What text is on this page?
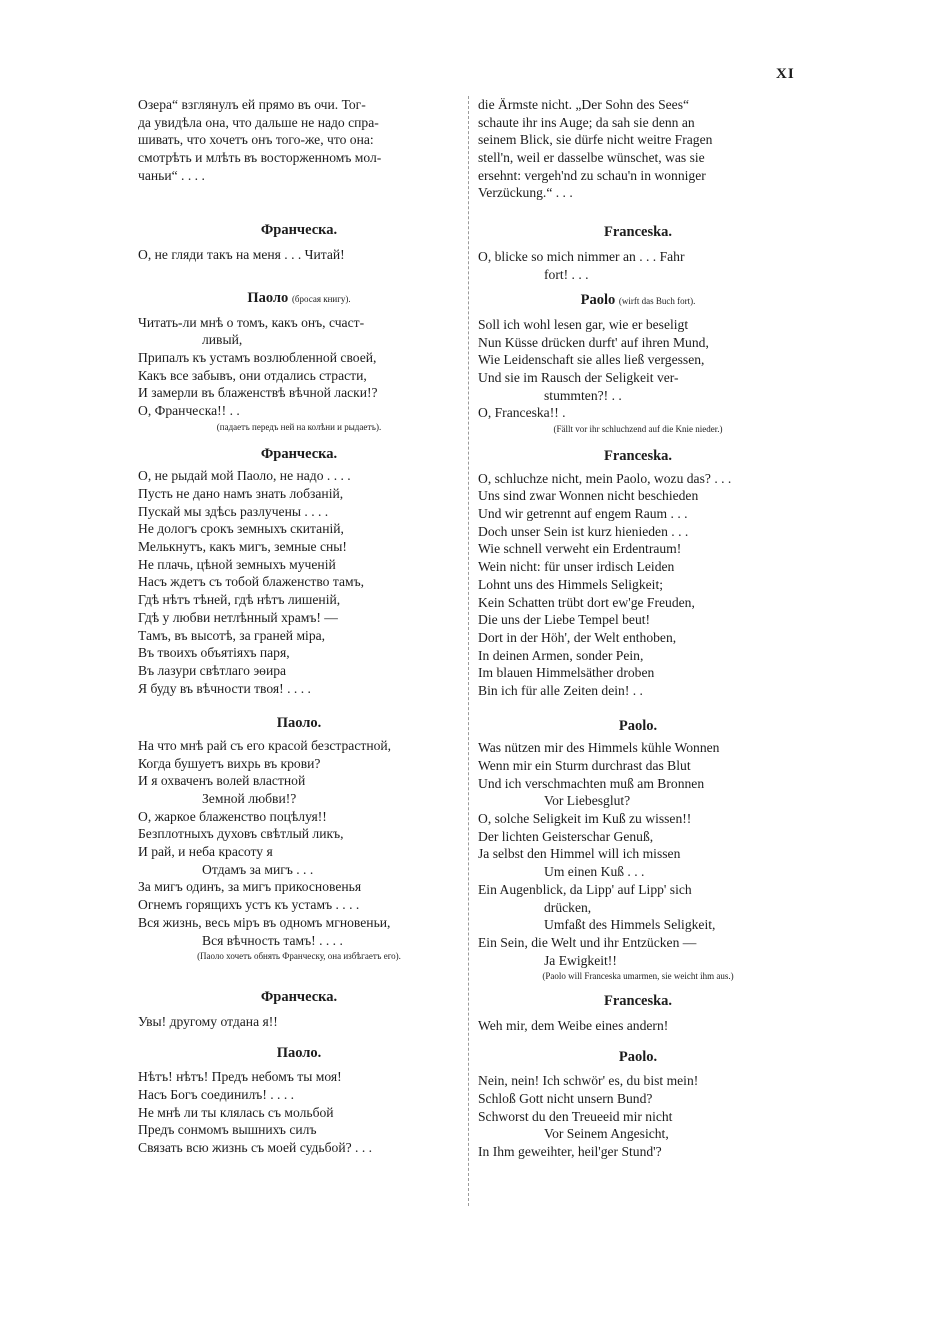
XI
Озера“ взглянулъ ей прямо въ очи. Тог-
да увидѣла она, что дальше не надо спра-
шивать, что хочетъ онъ того-же, что она:
смотрѣть и млѣть въ восторженномъ мол-
чаньи“ . . . .
Франческа.
О, не гляди такъ на меня . . . Читай!
Паоло (бросая книгу).
Читать-ли мнѣ о томъ, какъ онъ, счаст-
ливый,
Припалъ къ устамъ возлюбленной своей,
Какъ все забывъ, они отдались страсти,
И замерли въ блаженствѣ вѣчной ласки!?
О, Франческа!! . .
(падаетъ передъ ней на колѣни и рыдаетъ).
Франческа.
О, не рыдай мой Паоло, не надо . . . .
Пусть не дано намъ знать лобзаній,
Пускай мы здѣсь разлучены . . . .
Не дологъ срокъ земныхъ скитаній,
Мелькнутъ, какъ мигъ, земные сны!
Не плачь, цѣной земныхъ мученій
Насъ ждетъ съ тобой блаженство тамъ,
Гдѣ нѣтъ тѣней, гдѣ нѣтъ лишеній,
Гдѣ у любви нетлѣнный храмъ! —
Тамъ, въ высотѣ, за граней міра,
Въ твоихъ объятіяхъ паря,
Въ лазури свѣтлаго эѳира
Я буду въ вѣчности твоя! . . . .
Паоло.
На что мнѣ рай съ его красой безстрастной,
Когда бушуетъ вихрь въ крови?
И я охваченъ волей властной
Земной любви!?
О, жаркое блаженство поцѣлуя!!
Безплотныхъ духовъ свѣтлый ликъ,
И рай, и неба красоту я
Отдамъ за мигъ . . .
За мигъ одинъ, за мигъ прикосновенья
Огнемъ горящихъ устъ къ устамъ . . . .
Вся жизнь, весь міръ въ одномъ мгновеньи,
Вся вѣчность тамъ! . . . .
(Паоло хочетъ обнять Франческу, она избѣгаетъ его).
Франческа.
Увы! другому отдана я!!
Паоло.
Нѣтъ! нѣтъ! Предъ небомъ ты моя!
Насъ Богъ соединилъ! . . . .
Не мнѣ ли ты клялась съ мольбой
Предъ сонмомъ вышнихъ силъ
Связать всю жизнь съ моей судьбой? . . .
die Ärmste nicht. „Der Sohn des Sees“
schaute ihr ins Auge; da sah sie denn an
seinem Blick, sie dürfe nicht weitre Fragen
stell'n, weil er dasselbe wünschet, was sie
ersehnt: vergeh'nd zu schau'n in wonniger
Verzückung.“ . . .
Franceska.
O, blicke so mich nimmer an . . . Fahr
fort! . . .
Paolo (wirft das Buch fort).
Soll ich wohl lesen gar, wie er beseligt
Nun Küsse drücken durft' auf ihren Mund,
Wie Leidenschaft sie alles ließ vergessen,
Und sie im Rausch der Seligkeit ver-
stummten?! . .
O, Franceska!! .
(Fällt vor ihr schluchzend auf die Knie nieder.)
Franceska.
O, schluchze nicht, mein Paolo, wozu das? . . .
Uns sind zwar Wonnen nicht beschieden
Und wir getrennt auf engem Raum . . .
Doch unser Sein ist kurz hienieden . . .
Wie schnell verweht ein Erdentraum!
Wein nicht: für unser irdisch Leiden
Lohnt uns des Himmels Seligkeit;
Kein Schatten trübt dort ew'ge Freuden,
Die uns der Liebe Tempel beut!
Dort in der Höh', der Welt enthoben,
In deinen Armen, sonder Pein,
Im blauen Himmelsäther droben
Bin ich für alle Zeiten dein! . .
Paolo.
Was nützen mir des Himmels kühle Wonnen
Wenn mir ein Sturm durchrast das Blut
Und ich verschmachten muß am Bronnen
Vor Liebesglut?
O, solche Seligkeit im Kuß zu wissen!!
Der lichten Geisterschar Genuß,
Ja selbst den Himmel will ich missen
Um einen Kuß . . .
Ein Augenblick, da Lipp' auf Lipp' sich
drücken,
Umfaßt des Himmels Seligkeit,
Ein Sein, die Welt und ihr Entzücken —
Ja Ewigkeit!!
(Paolo will Franceska umarmen, sie weicht ihm aus.)
Franceska.
Weh mir, dem Weibe eines andern!
Paolo.
Nein, nein! Ich schwör' es, du bist mein!
Schloß Gott nicht unsern Bund?
Schworst du den Treueeid mir nicht
Vor Seinem Angesicht,
In Ihm geweihter, heil'ger Stund'?
